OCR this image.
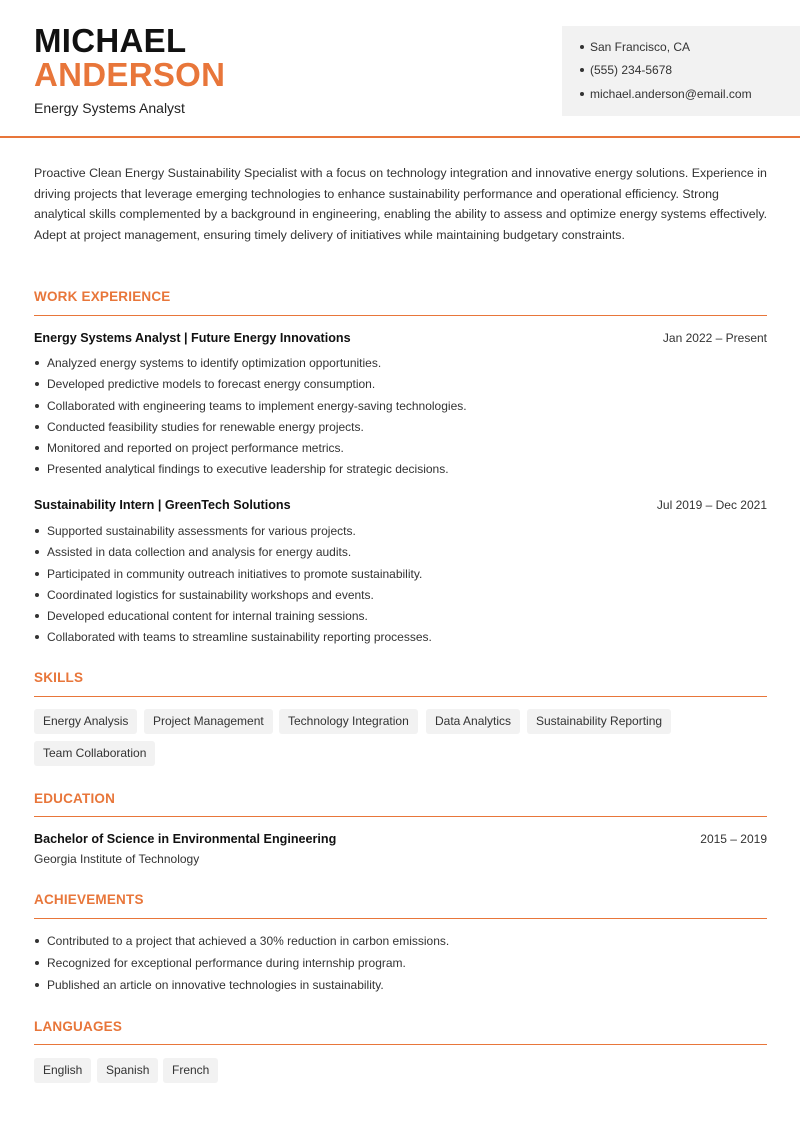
MICHAEL
ANDERSON
Energy Systems Analyst
San Francisco, CA
(555) 234-5678
michael.anderson@email.com

Proactive Clean Energy Sustainability Specialist with a focus on technology integration and innovative energy solutions. Experience in driving projects that leverage emerging technologies to enhance sustainability performance and operational efficiency. Strong analytical skills complemented by a background in engineering, enabling the ability to assess and optimize energy systems effectively. Adept at project management, ensuring timely delivery of initiatives while maintaining budgetary constraints.

WORK EXPERIENCE
Energy Systems Analyst | Future Energy Innovations	Jan 2022 – Present
Analyzed energy systems to identify optimization opportunities.
Developed predictive models to forecast energy consumption.
Collaborated with engineering teams to implement energy-saving technologies.
Conducted feasibility studies for renewable energy projects.
Monitored and reported on project performance metrics.
Presented analytical findings to executive leadership for strategic decisions.
Sustainability Intern | GreenTech Solutions	Jul 2019 – Dec 2021
Supported sustainability assessments for various projects.
Assisted in data collection and analysis for energy audits.
Participated in community outreach initiatives to promote sustainability.
Coordinated logistics for sustainability workshops and events.
Developed educational content for internal training sessions.
Collaborated with teams to streamline sustainability reporting processes.
SKILLS
Energy Analysis	Project Management	Technology Integration	Data Analytics	Sustainability Reporting
Team Collaboration
EDUCATION
Bachelor of Science in Environmental Engineering	2015 – 2019
Georgia Institute of Technology
ACHIEVEMENTS
Contributed to a project that achieved a 30% reduction in carbon emissions.
Recognized for exceptional performance during internship program.
Published an article on innovative technologies in sustainability.
LANGUAGES
English	Spanish	French
